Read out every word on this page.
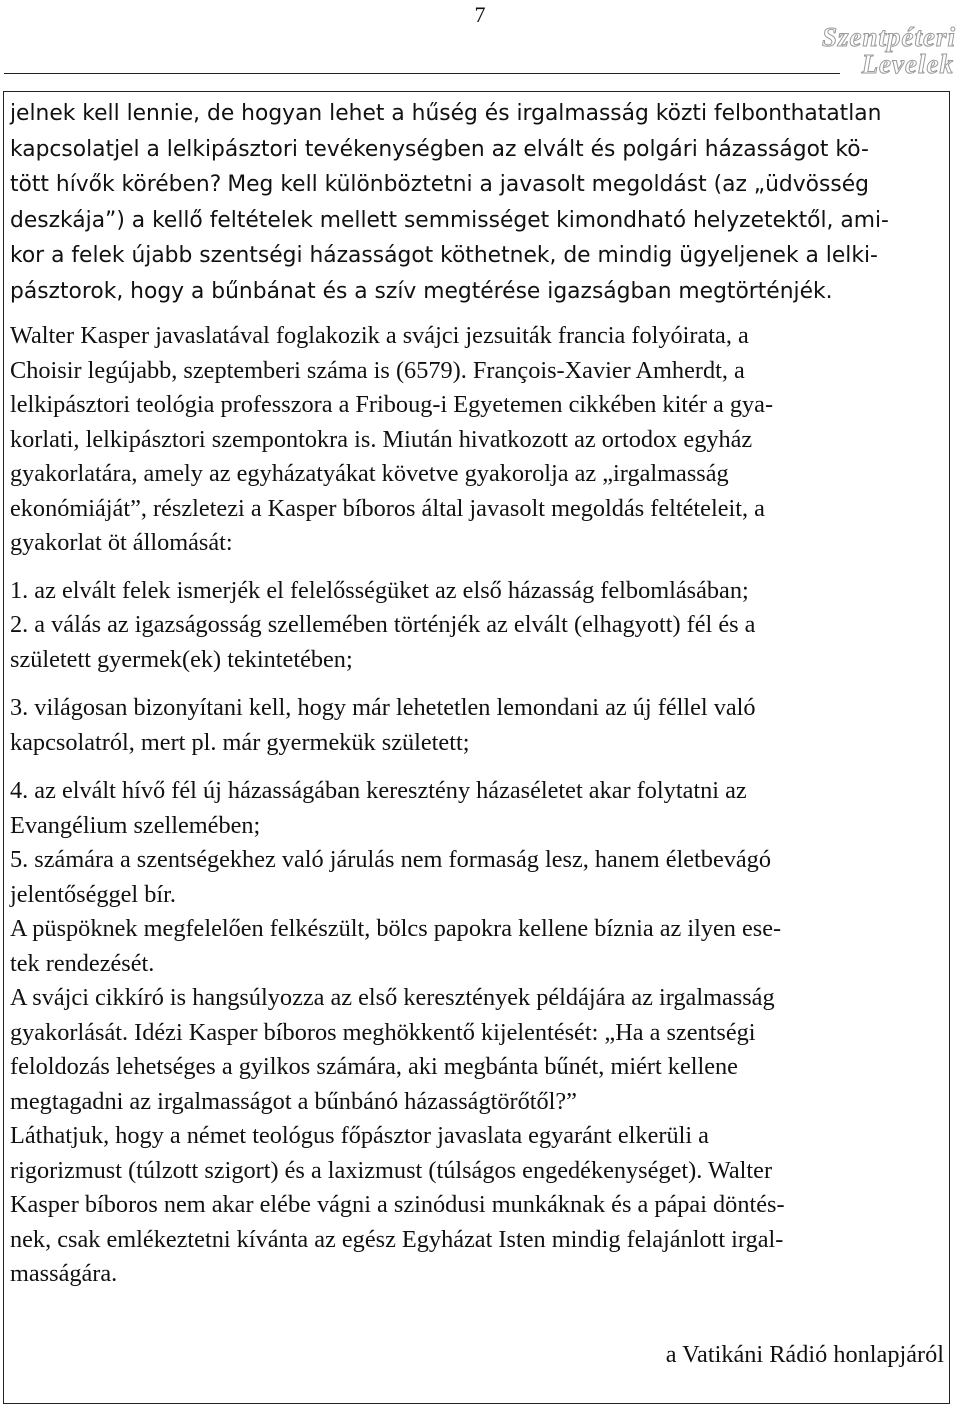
7
Szentpéteri
Levelek

jelnek kell lennie, de hogyan lehet a hűség és irgalmasság közti felbonthatatlan
kapcsolatjel a lelkipásztori tevékenységben az elvált és polgári házasságot kö-
tött hívők körében? Meg kell különböztetni a javasolt megoldást (az „üdvösség
deszkája”) a kellő feltételek mellett semmisséget kimondható helyzetektől, ami-
kor a felek újabb szentségi házasságot köthetnek, de mindig ügyeljenek a lelki-
pásztorok, hogy a bűnbánat és a szív megtérése igazságban megtörténjék.

Walter Kasper javaslatával foglakozik a svájci jezsuiták francia folyóirata, a
Choisir legújabb, szeptemberi száma is (6579). François-Xavier Amherdt, a
lelkipásztori teológia professzora a Friboug-i Egyetemen cikkében kitér a gya-
korlati, lelkipásztori szempontokra is. Miután hivatkozott az ortodox egyház
gyakorlatára, amely az egyházatyákat követve gyakorolja az „irgalmasság
ekonómiáját”, részletezi a Kasper bíboros által javasolt megoldás feltételeit, a
gyakorlat öt állomását:

1. az elvált felek ismerjék el felelősségüket az első házasság felbomlásában;

2. a válás az igazságosság szellemében történjék az elvált (elhagyott) fél és a
született gyermek(ek) tekintetében;

3. világosan bizonyítani kell, hogy már lehetetlen lemondani az új féllel való
kapcsolatról, mert pl. már gyermekük született;

4. az elvált hívő fél új házasságában keresztény házaséletet akar folytatni az
Evangélium szellemében;

5. számára a szentségekhez való járulás nem formaság lesz, hanem életbevágó
jelentőséggel bír.

A püspöknek megfelelően felkészült, bölcs papokra kellene bíznia az ilyen ese-
tek rendezését.

A svájci cikkíró is hangsúlyozza az első keresztények példájára az irgalmasság
gyakorlását. Idézi Kasper bíboros meghökkentő kijelentését: „Ha a szentségi
feloldozás lehetséges a gyilkos számára, aki megbánta bűnét, miért kellene
megtagadni az irgalmasságot a bűnbánó házasságtörőtől?”

Láthatjuk, hogy a német teológus főpásztor javaslata egyaránt elkerüli a
rigorizmust (túlzott szigort) és a laxizmust (túlságos engedékenységet). Walter
Kasper bíboros nem akar elébe vágni a szinódusi munkáknak és a pápai döntés-
nek, csak emlékeztetni kívánta az egész Egyházat Isten mindig felajánlott irgal-
masságára.

a Vatikáni Rádió honlapjáról
